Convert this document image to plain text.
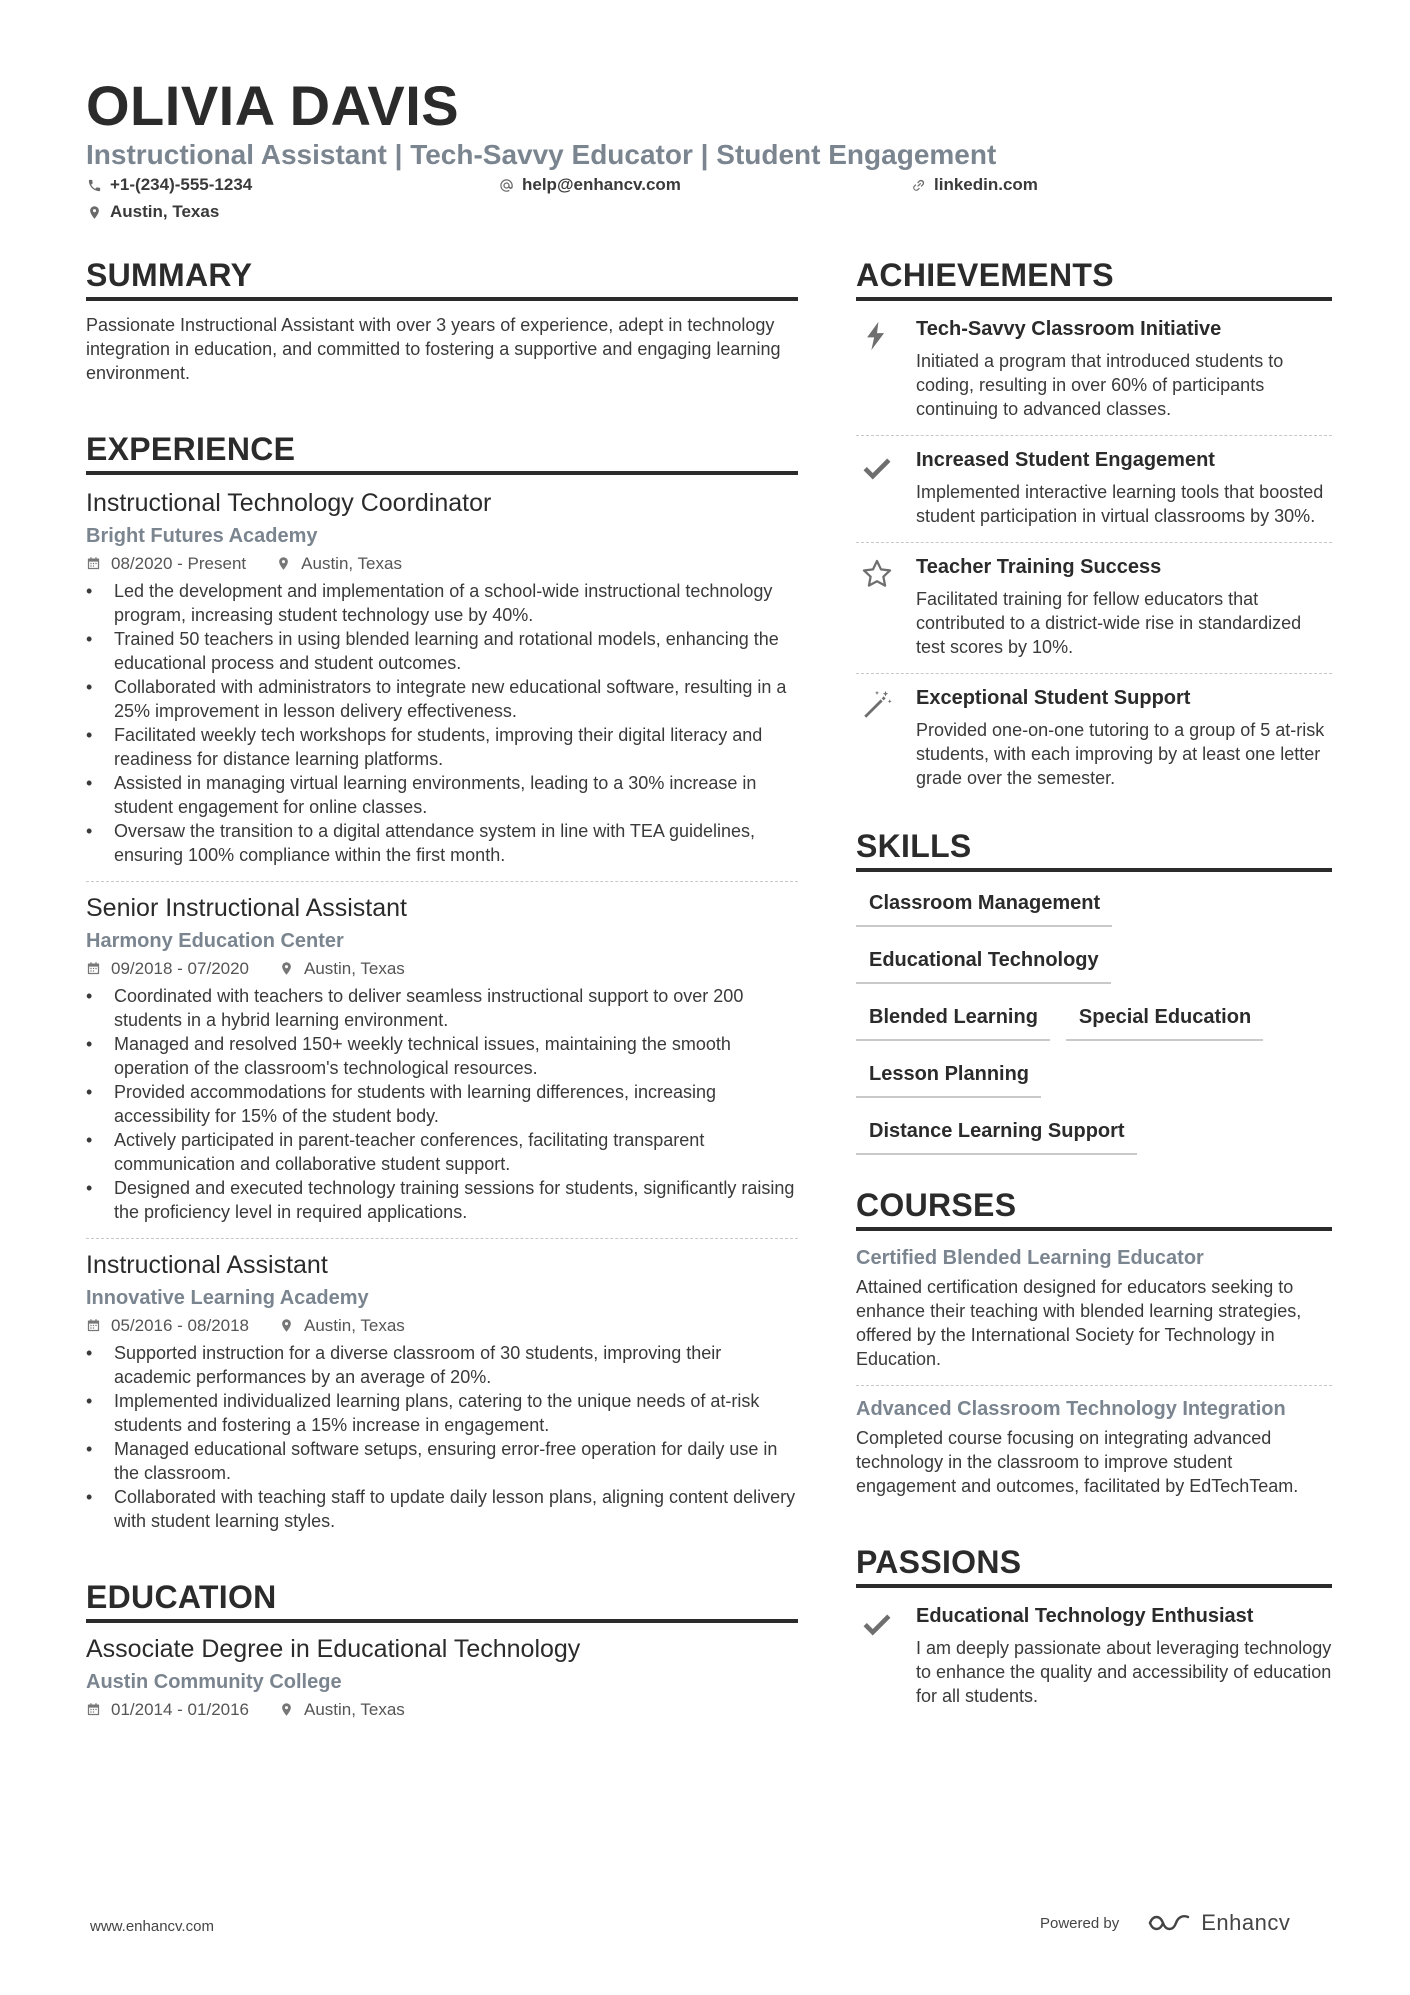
OLIVIA DAVIS
Instructional Assistant | Tech-Savvy Educator | Student Engagement
+1-(234)-555-1234	help@enhancv.com	linkedin.com
Austin, Texas
SUMMARY
Passionate Instructional Assistant with over 3 years of experience, adept in technology integration in education, and committed to fostering a supportive and engaging learning environment.
EXPERIENCE
Instructional Technology Coordinator
Bright Futures Academy
08/2020 - Present	Austin, Texas
• Led the development and implementation of a school-wide instructional technology program, increasing student technology use by 40%.
• Trained 50 teachers in using blended learning and rotational models, enhancing the educational process and student outcomes.
• Collaborated with administrators to integrate new educational software, resulting in a 25% improvement in lesson delivery effectiveness.
• Facilitated weekly tech workshops for students, improving their digital literacy and readiness for distance learning platforms.
• Assisted in managing virtual learning environments, leading to a 30% increase in student engagement for online classes.
• Oversaw the transition to a digital attendance system in line with TEA guidelines, ensuring 100% compliance within the first month.
Senior Instructional Assistant
Harmony Education Center
09/2018 - 07/2020	Austin, Texas
• Coordinated with teachers to deliver seamless instructional support to over 200 students in a hybrid learning environment.
• Managed and resolved 150+ weekly technical issues, maintaining the smooth operation of the classroom's technological resources.
• Provided accommodations for students with learning differences, increasing accessibility for 15% of the student body.
• Actively participated in parent-teacher conferences, facilitating transparent communication and collaborative student support.
• Designed and executed technology training sessions for students, significantly raising the proficiency level in required applications.
Instructional Assistant
Innovative Learning Academy
05/2016 - 08/2018	Austin, Texas
• Supported instruction for a diverse classroom of 30 students, improving their academic performances by an average of 20%.
• Implemented individualized learning plans, catering to the unique needs of at-risk students and fostering a 15% increase in engagement.
• Managed educational software setups, ensuring error-free operation for daily use in the classroom.
• Collaborated with teaching staff to update daily lesson plans, aligning content delivery with student learning styles.
EDUCATION
Associate Degree in Educational Technology
Austin Community College
01/2014 - 01/2016	Austin, Texas
ACHIEVEMENTS
Tech-Savvy Classroom Initiative
Initiated a program that introduced students to coding, resulting in over 60% of participants continuing to advanced classes.
Increased Student Engagement
Implemented interactive learning tools that boosted student participation in virtual classrooms by 30%.
Teacher Training Success
Facilitated training for fellow educators that contributed to a district-wide rise in standardized test scores by 10%.
Exceptional Student Support
Provided one-on-one tutoring to a group of 5 at-risk students, with each improving by at least one letter grade over the semester.
SKILLS
Classroom Management
Educational Technology
Blended Learning	Special Education
Lesson Planning
Distance Learning Support
COURSES
Certified Blended Learning Educator
Attained certification designed for educators seeking to enhance their teaching with blended learning strategies, offered by the International Society for Technology in Education.
Advanced Classroom Technology Integration
Completed course focusing on integrating advanced technology in the classroom to improve student engagement and outcomes, facilitated by EdTechTeam.
PASSIONS
Educational Technology Enthusiast
I am deeply passionate about leveraging technology to enhance the quality and accessibility of education for all students.
www.enhancv.com	Powered by	Enhancv
